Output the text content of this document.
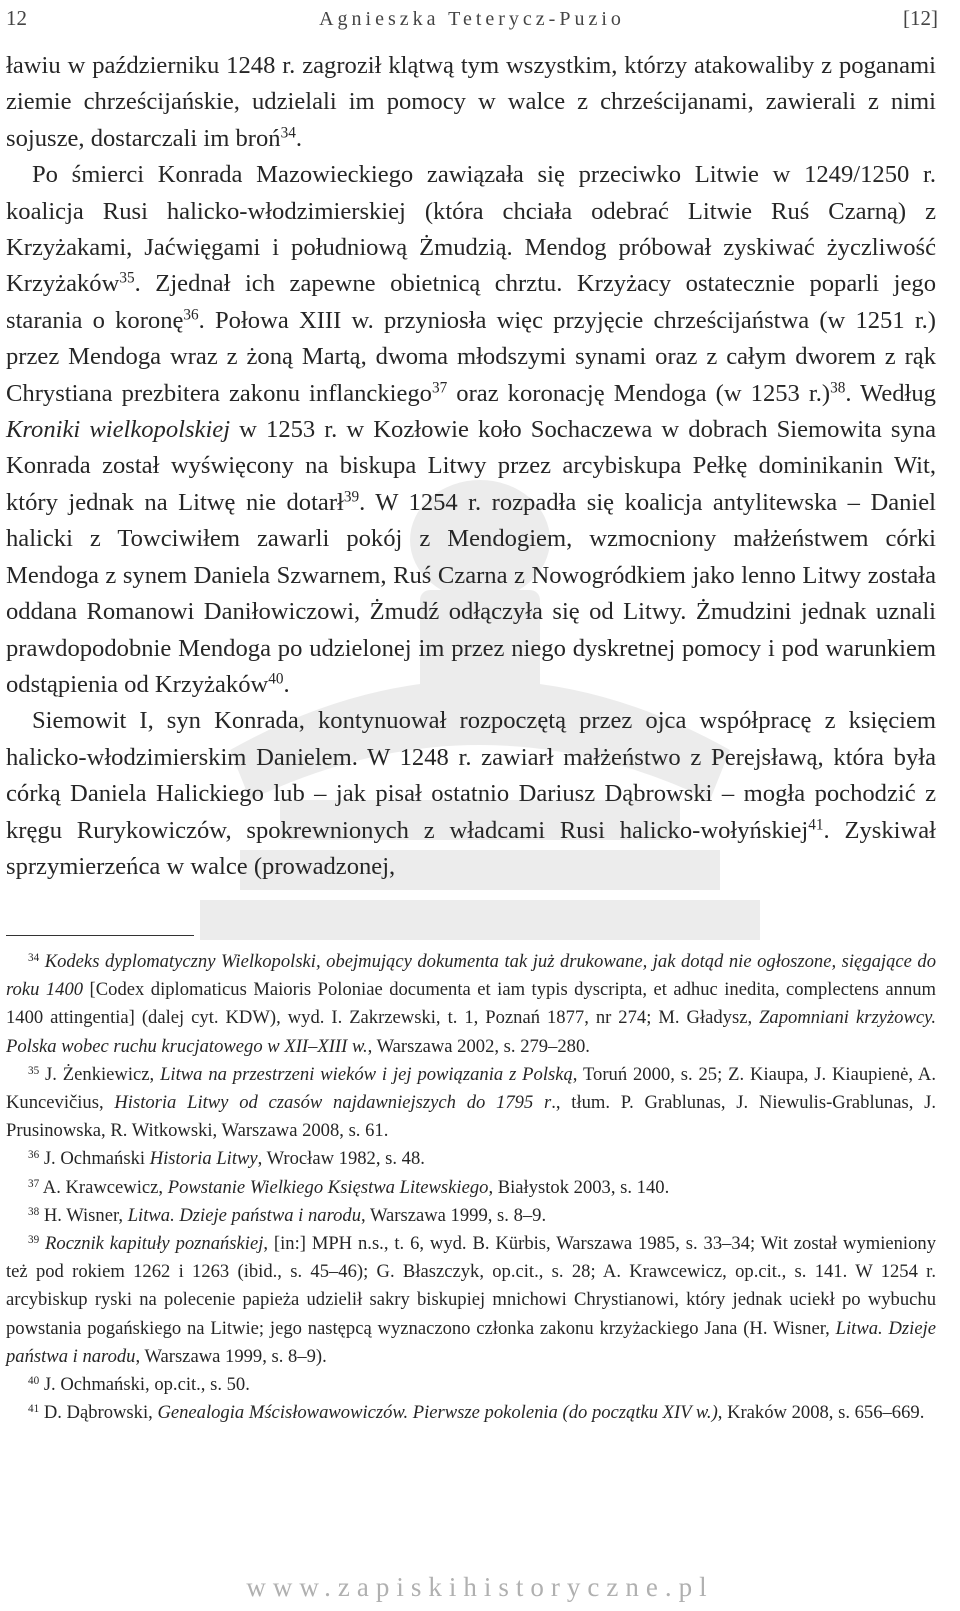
12	Agnieszka Teterycz-Puzio	[12]

ławiu w październiku 1248 r. zagroził klątwą tym wszystkim, którzy atakowaliby z poganami ziemie chrześcijańskie, udzielali im pomocy w walce z chrześcijanami, zawierali z nimi sojusze, dostarczali im broń$^{34}$.

Po śmierci Konrada Mazowieckiego zawiązała się przeciwko Litwie w 1249/1250 r. koalicja Rusi halicko-włodzimierskiej (która chciała odebrać Litwie Ruś Czarną) z Krzyżakami, Jaćwięgami i południową Żmudzią. Mendog próbował zyskiwać życzliwość Krzyżaków$^{35}$. Zjednał ich zapewne obietnicą chrztu. Krzyżacy ostatecznie poparli jego starania o koronę$^{36}$. Połowa XIII w. przyniosła więc przyjęcie chrześcijaństwa (w 1251 r.) przez Mendoga wraz z żoną Martą, dwoma młodszymi synami oraz z całym dworem z rąk Chrystiana prezbitera zakonu inflanckiego$^{37}$ oraz koronację Mendoga (w 1253 r.)$^{38}$. Według Kroniki wielkopolskiej w 1253 r. w Kozłowie koło Sochaczewa w dobrach Siemowita syna Konrada został wyświęcony na biskupa Litwy przez arcybiskupa Pełkę dominikanin Wit, który jednak na Litwę nie dotarł$^{39}$. W 1254 r. rozpadła się koalicja antylitewska – Daniel halicki z Towciwiłem zawarli pokój z Mendogiem, wzmocniony małżeństwem córki Mendoga z synem Daniela Szwarnem, Ruś Czarna z Nowogródkiem jako lenno Litwy została oddana Romanowi Daniłowiczowi, Żmudź odłączyła się od Litwy. Żmudzini jednak uznali prawdopodobnie Mendoga po udzielonej im przez niego dyskretnej pomocy i pod warunkiem odstąpienia od Krzyżaków$^{40}$.

Siemowit I, syn Konrada, kontynuował rozpoczętą przez ojca współpracę z księciem halicko-włodzimierskim Danielem. W 1248 r. zawiarł małżeństwo z Perejsławą, która była córką Daniela Halickiego lub – jak pisał ostatnio Dariusz Dąbrowski – mogła pochodzić z kręgu Rurykowiczów, spokrewnionych z władcami Rusi halicko-wołyńskiej$^{41}$. Zyskiwał sprzymierzeńca w walce (prowadzonej,

$^{34}$ Kodeks dyplomatyczny Wielkopolski, obejmujący dokumenta tak już drukowane, jak dotąd nie ogłoszone, sięgające do roku 1400 [Codex diplomaticus Maioris Poloniae documenta et iam typis dyscripta, et adhuc inedita, complectens annum 1400 attingentia] (dalej cyt. KDW), wyd. I. Zakrzewski, t. 1, Poznań 1877, nr 274; M. Gładysz, Zapomniani krzyżowcy. Polska wobec ruchu krucjatowego w XII–XIII w., Warszawa 2002, s. 279–280.

$^{35}$ J. Żenkiewicz, Litwa na przestrzeni wieków i jej powiązania z Polską, Toruń 2000, s. 25; Z. Kiaupa, J. Kiaupienė, A. Kuncevičius, Historia Litwy od czasów najdawniejszych do 1795 r., tłum. P. Grablunas, J. Niewulis-Grablunas, J. Prusinowska, R. Witkowski, Warszawa 2008, s. 61.

$^{36}$ J. Ochmański Historia Litwy, Wrocław 1982, s. 48.

$^{37}$ A. Krawcewicz, Powstanie Wielkiego Księstwa Litewskiego, Białystok 2003, s. 140.

$^{38}$ H. Wisner, Litwa. Dzieje państwa i narodu, Warszawa 1999, s. 8–9.

$^{39}$ Rocznik kapituły poznańskiej, [in:] MPH n.s., t. 6, wyd. B. Kürbis, Warszawa 1985, s. 33–34; Wit został wymieniony też pod rokiem 1262 i 1263 (ibid., s. 45–46); G. Błaszczyk, op.cit., s. 28; A. Krawcewicz, op.cit., s. 141. W 1254 r. arcybiskup ryski na polecenie papieża udzielił sakry biskupiej mnichowi Chrystianowi, który jednak uciekł po wybuchu powstania pogańskiego na Litwie; jego następcą wyznaczono członka zakonu krzyżackiego Jana (H. Wisner, Litwa. Dzieje państwa i narodu, Warszawa 1999, s. 8–9).

$^{40}$ J. Ochmański, op.cit., s. 50.

$^{41}$ D. Dąbrowski, Genealogia Mścisłowawowiczów. Pierwsze pokolenia (do początku XIV w.), Kraków 2008, s. 656–669.

www.zapiskihistoryczne.pl
